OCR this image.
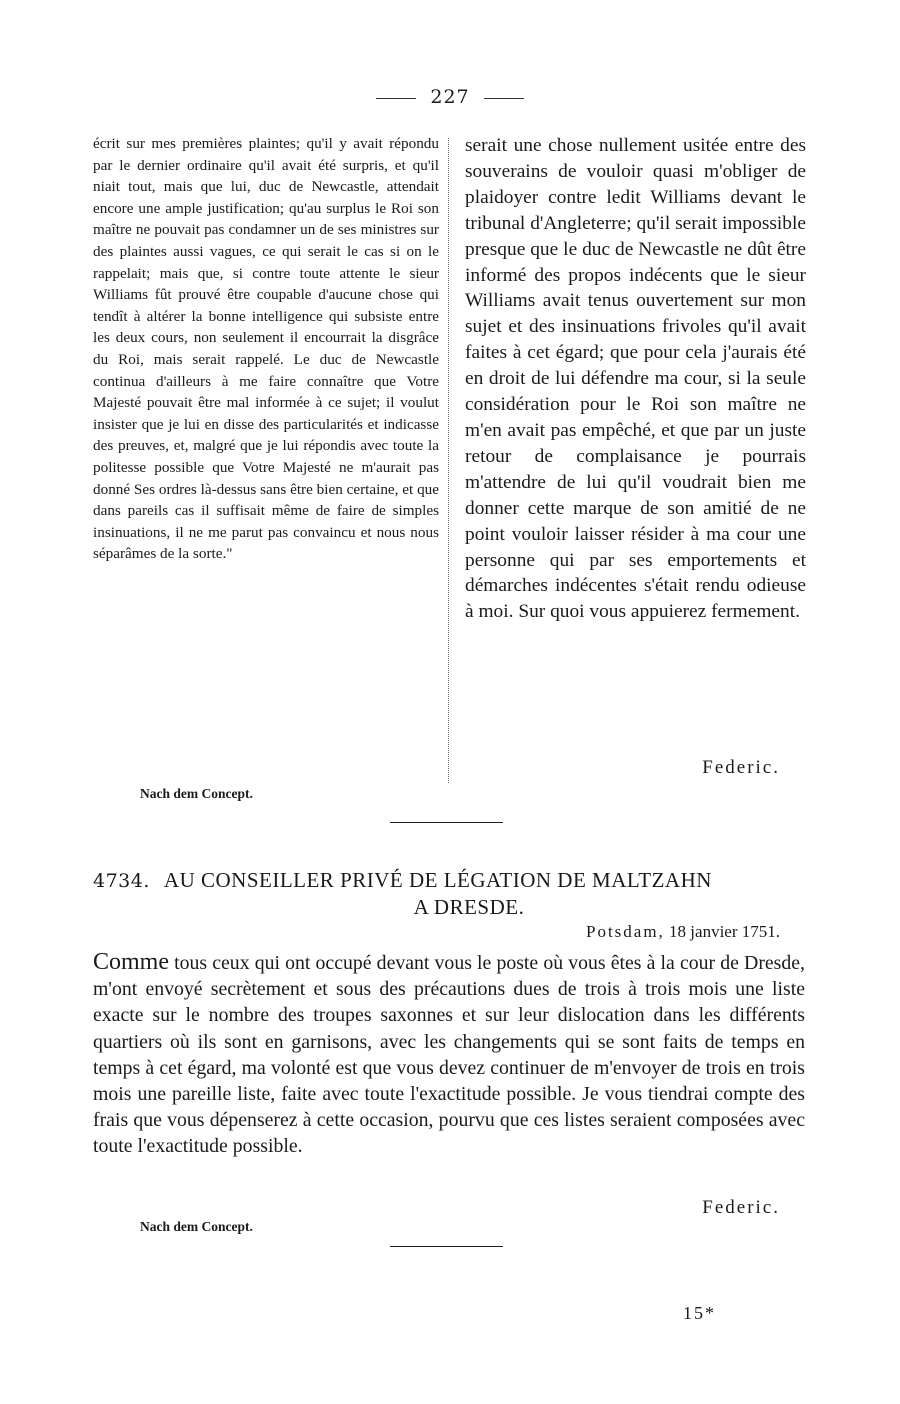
227
écrit sur mes premières plaintes; qu'il y avait répondu par le dernier ordinaire qu'il avait été surpris, et qu'il niait tout, mais que lui, duc de Newcastle, attendait encore une ample justification; qu'au surplus le Roi son maître ne pouvait pas condamner un de ses ministres sur des plaintes aussi vagues, ce qui serait le cas si on le rappelait; mais que, si contre toute attente le sieur Williams fût prouvé être coupable d'aucune chose qui tendît à altérer la bonne intelligence qui subsiste entre les deux cours, non seulement il encourrait la disgrâce du Roi, mais serait rappelé. Le duc de Newcastle continua d'ailleurs à me faire connaître que Votre Majesté pouvait être mal informée à ce sujet; il voulut insister que je lui en disse des particularités et indicasse des preuves, et, malgré que je lui répondis avec toute la politesse possible que Votre Majesté ne m'aurait pas donné Ses ordres là-dessus sans être bien certaine, et que dans pareils cas il suffisait même de faire de simples insinuations, il ne me parut pas convaincu et nous nous séparâmes de la sorte."
serait une chose nullement usitée entre des souverains de vouloir quasi m'obliger de plaidoyer contre ledit Williams devant le tribunal d'Angleterre; qu'il serait impossible presque que le duc de Newcastle ne dût être informé des propos indécents que le sieur Williams avait tenus ouvertement sur mon sujet et des insinuations frivoles qu'il avait faites à cet égard; que pour cela j'aurais été en droit de lui défendre ma cour, si la seule considération pour le Roi son maître ne m'en avait pas empêché, et que par un juste retour de complaisance je pourrais m'attendre de lui qu'il voudrait bien me donner cette marque de son amitié de ne point vouloir laisser résider à ma cour une personne qui par ses emportements et démarches indécentes s'était rendu odieuse à moi. Sur quoi vous appuierez fermement.
Federic.
Nach dem Concept.
4734. AU CONSEILLER PRIVÉ DE LÉGATION DE MALTZAHN
A DRESDE.
Potsdam, 18 janvier 1751.
Comme tous ceux qui ont occupé devant vous le poste où vous êtes à la cour de Dresde, m'ont envoyé secrètement et sous des précautions dues de trois à trois mois une liste exacte sur le nombre des troupes saxonnes et sur leur dislocation dans les différents quartiers où ils sont en garnisons, avec les changements qui se sont faits de temps en temps à cet égard, ma volonté est que vous devez continuer de m'envoyer de trois en trois mois une pareille liste, faite avec toute l'exactitude possible. Je vous tiendrai compte des frais que vous dépenserez à cette occasion, pourvu que ces listes seraient composées avec toute l'exactitude possible.
Federic.
Nach dem Concept.
15*
